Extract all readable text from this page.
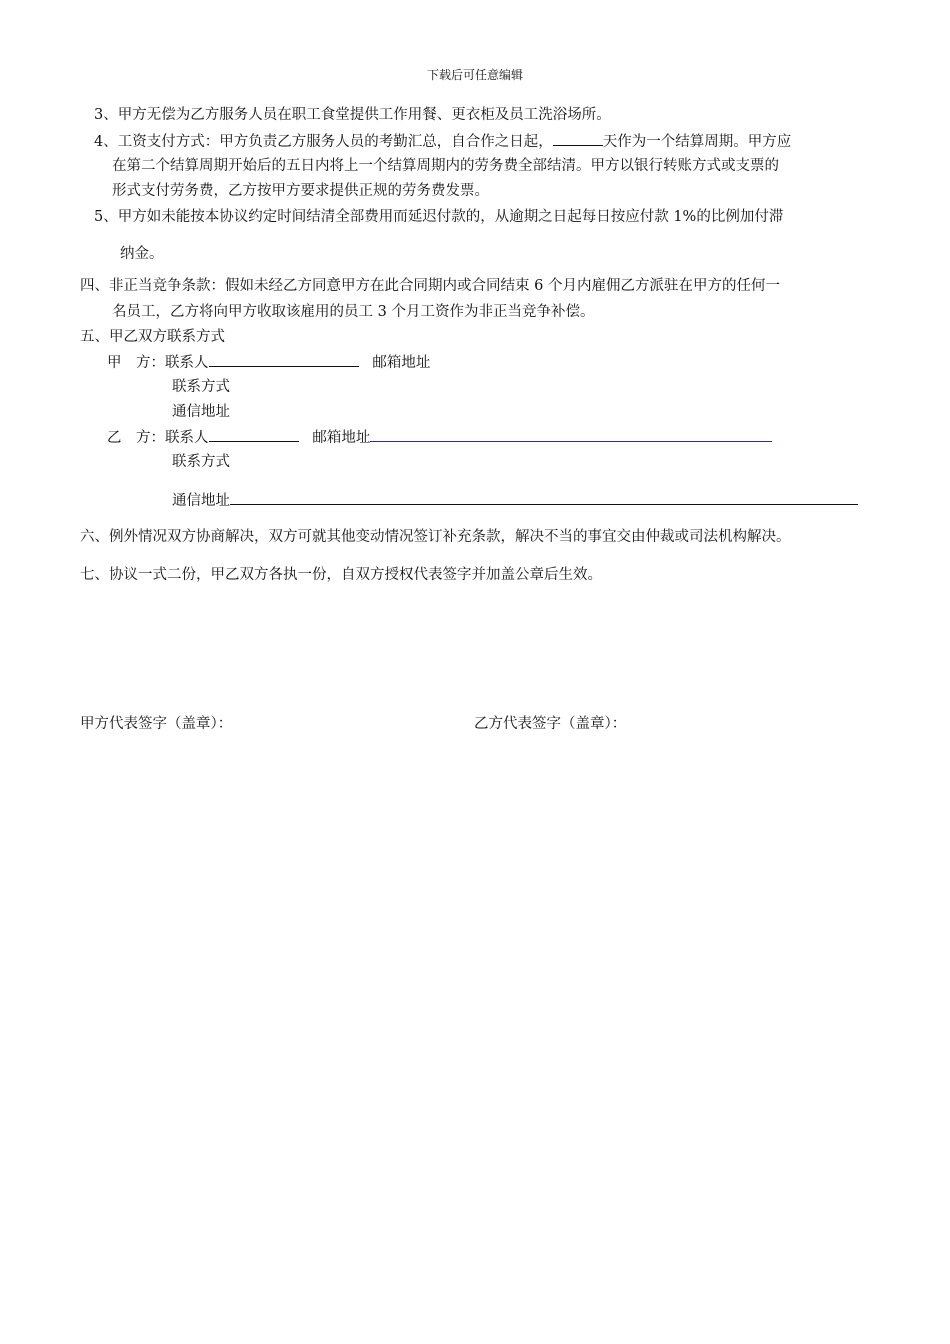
下载后可任意编辑
3、甲方无偿为乙方服务人员在职工食堂提供工作用餐、更衣柜及员工洗浴场所。
4、工资支付方式：甲方负责乙方服务人员的考勤汇总，自合作之日起，	天作为一个结算周期。甲方应
在第二个结算周期开始后的五日内将上一个结算周期内的劳务费全部结清。甲方以银行转账方式或支票的
形式支付劳务费，乙方按甲方要求提供正规的劳务费发票。
5、甲方如未能按本协议约定时间结清全部费用而延迟付款的，从逾期之日起每日按应付款 1%的比例加付滞
纳金。
四、非正当竞争条款：假如未经乙方同意甲方在此合同期内或合同结束 6 个月内雇佣乙方派驻在甲方的任何一
名员工，乙方将向甲方收取该雇用的员工 3 个月工资作为非正当竞争补偿。
五、甲乙双方联系方式
甲　方：联系人	邮箱地址
联系方式
通信地址
乙　方：联系人	邮箱地址
联系方式
通信地址
六、例外情况双方协商解决，双方可就其他变动情况签订补充条款，解决不当的事宜交由仲裁或司法机构解决。
七、协议一式二份，甲乙双方各执一份，自双方授权代表签字并加盖公章后生效。
甲方代表签字（盖章）：	乙方代表签字（盖章）：
